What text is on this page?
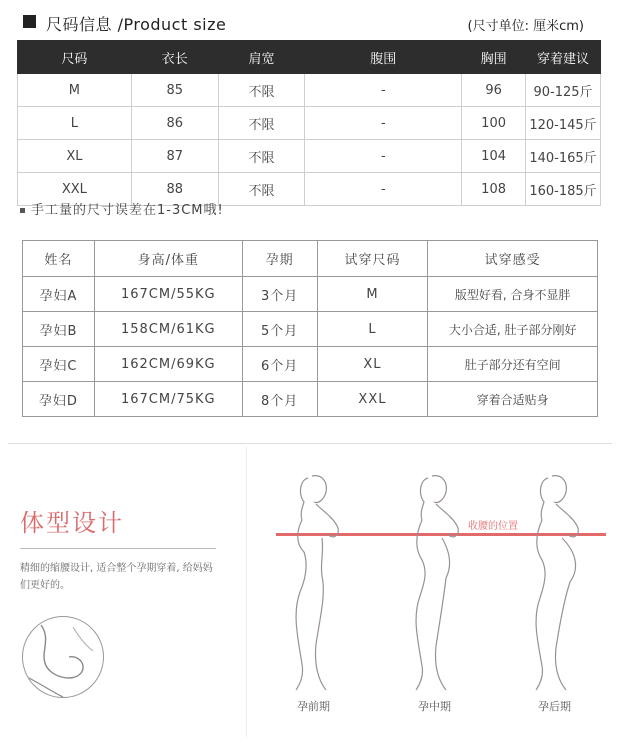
尺码信息 /Product size	(尺寸单位: 厘米cm)
尺码	衣长	肩宽	腹围	胸围	穿着建议
M	85	不限	-	96	90-125斤
L	86	不限	-	100	120-145斤
XL	87	不限	-	104	140-165斤
XXL	88	不限	-	108	160-185斤
手工量的尺寸误差在1-3CM哦!
姓名	身高/体重	孕期	试穿尺码	试穿感受
孕妇A	167CM/55KG	3个月	M	版型好看, 合身不显胖
孕妇B	158CM/61KG	5个月	L	大小合适, 肚子部分刚好
孕妇C	162CM/69KG	6个月	XL	肚子部分还有空间
孕妇D	167CM/75KG	8个月	XXL	穿着合适贴身
体型设计
精细的缩腰设计, 适合整个孕期穿着, 给妈妈们更好的。
收腰的位置
孕前期	孕中期	孕后期
